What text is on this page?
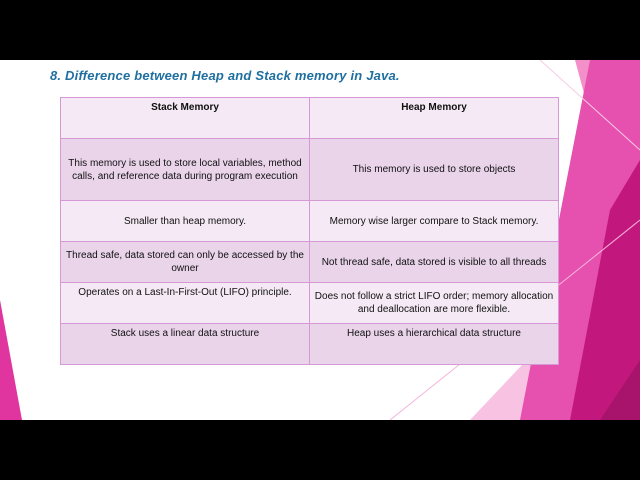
8. Difference between Heap and Stack memory in Java.
Stack Memory	Heap Memory
This memory is used to store local variables, method calls, and reference data during program execution	This memory is used to store objects
Smaller than heap memory.	Memory wise larger compare to Stack memory.
Thread safe, data stored can only be accessed by the owner	Not thread safe, data stored is visible to all threads
Operates on a Last-In-First-Out (LIFO) principle.	Does not follow a strict LIFO order; memory allocation and deallocation are more flexible.
Stack uses a linear data structure	Heap uses a hierarchical data structure
